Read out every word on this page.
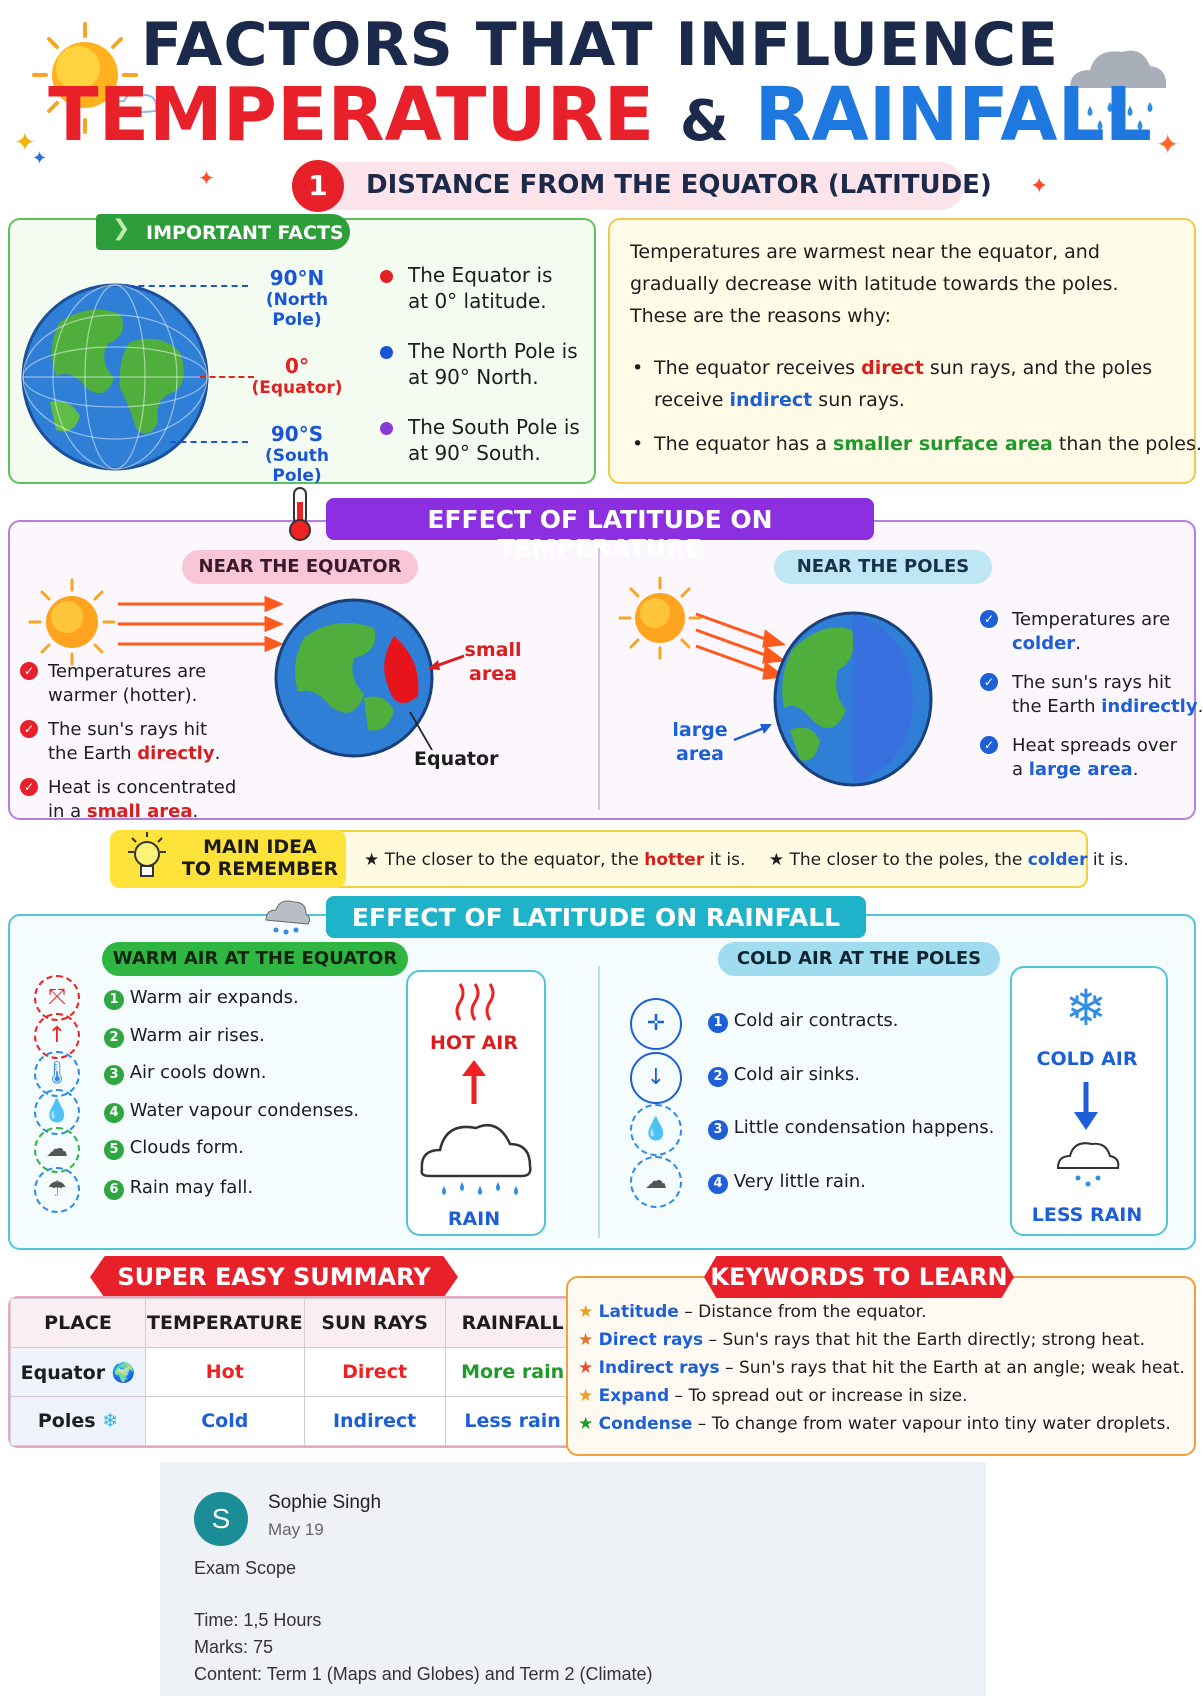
✦
✦	✦
FACTORS THAT INFLUENCE
TEMPERATURE & RAINFALL
✦	✦
1	DISTANCE FROM THE EQUATOR (LATITUDE)
❯ IMPORTANT FACTS
90°N
(North Pole)
0°
(Equator)
90°S
(South Pole)
The Equator is
at 0° latitude.
The North Pole is
at 90° North.
The South Pole is
at 90° South.
Temperatures are warmest near the equator, and gradually decrease with latitude towards the poles. These are the reasons why:
• The equator receives direct sun rays, and the poles receive indirect sun rays.
• The equator has a smaller surface area than the poles.
EFFECT OF LATITUDE ON TEMPERATURE
NEAR THE EQUATOR	NEAR THE POLES
small
area
Equator
✓ Temperatures are
warmer (hotter).
✓ The sun's rays hit
the Earth directly.
✓ Heat is concentrated
in a small area.
large
area
✓ Temperatures are
colder.
✓ The sun's rays hit
the Earth indirectly.
✓ Heat spreads over
a large area.
MAIN IDEA
TO REMEMBER	★ The closer to the equator, the hotter it is. ★ The closer to the poles, the colder it is.
EFFECT OF LATITUDE ON RAINFALL
WARM AIR AT THE EQUATOR	COLD AIR AT THE POLES
⤧
↑
🌡
💧
☁
☂
1 Warm air expands.
2 Warm air rises.
3 Air cools down.
4 Water vapour condenses.
5 Clouds form.
6 Rain may fall.
HOT AIR
RAIN
✛
↓
💧
☁
1 Cold air contracts.
2 Cold air sinks.
3 Little condensation happens.
4 Very little rain.
❄
COLD AIR
LESS RAIN
SUPER EASY SUMMARY
PLACE	TEMPERATURE	SUN RAYS	RAINFALL
Equator 🌍	Hot	Direct	More rain
Poles ❄	Cold	Indirect	Less rain
KEYWORDS TO LEARN
★ Latitude – Distance from the equator.
★ Direct rays – Sun's rays that hit the Earth directly; strong heat.
★ Indirect rays – Sun's rays that hit the Earth at an angle; weak heat.
★ Expand – To spread out or increase in size.
★ Condense – To change from water vapour into tiny water droplets.
S
Sophie Singh
May 19
Exam Scope
Time: 1,5 Hours
Marks: 75
Content: Term 1 (Maps and Globes) and Term 2 (Climate)
